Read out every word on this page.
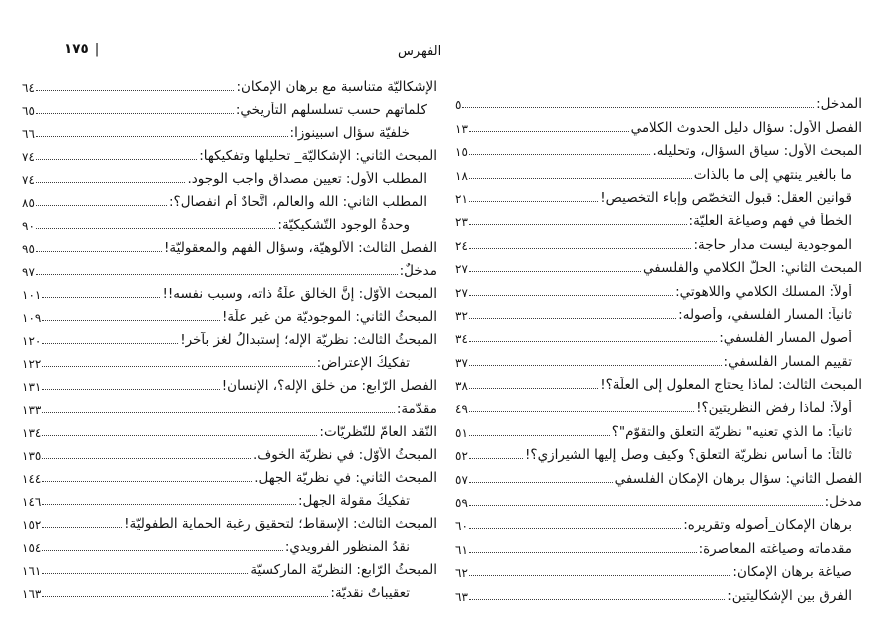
١٧٥ |	الفهرس
المدخل:
٥
الفصل الأول: سؤال دليل الحدوث الكلامي
١٣
المبحث الأول: سياق السؤال، وتحليله.
١٥
ما بالغير ينتهي إلى ما بالذات
١٨
قوانين العقل: قبول التخصّص وإباء التخصيص!
٢١
الخطأ في فهم وصياغة العليّة:
٢٣
الموجودية ليست مدار حاجة:
٢٤
المبحث الثاني: الحلّ الكلامي والفلسفي
٢٧
أولاً: المسلك الكلامي واللاهوتي:
٢٧
ثانياً: المسار الفلسفي، وأصوله:
٣٢
أصول المسار الفلسفي:
٣٤
تقييم المسار الفلسفي:
٣٧
المبحث الثالث: لماذا يحتاج المعلول إلى العلّة؟!
٣٨
أولاً: لماذا رفض النظريتين؟!
٤٩
ثانياً: ما الذي تعنيه" نظريّة التعلق والتقوّم"؟
٥١
ثالثاً: ما أساس نظريّة التعلق؟ وكيف وصل إليها الشيرازي؟!
٥٢
الفصل الثاني: سؤال برهان الإمكان الفلسفي
٥٧
مدخل:
٥٩
برهان الإمكان_أصوله وتقريره:
٦٠
مقدماته وصياغته المعاصرة:
٦١
صياغة برهان الإمكان:
٦٢
الفرق بين الإشكاليتين:
٦٣
الإشكاليّة متناسبة مع برهان الإمكان:
٦٤
كلماتهم حسب تسلسلهم التأريخي:
٦٥
خلفيّة سؤال اسبينوزا:
٦٦
المبحث الثاني: الإشكاليّة_ تحليلها وتفكيكها:
٧٤
المطلب الأول: تعيين مصداق واجب الوجود.
٧٤
المطلب الثاني: الله والعالم، اتَّحادٌ أم انفصال؟:
٨٥
وحدةُ الوجود التّشكيكيّة:
٩٠
الفصل الثالث: الألوهيّة، وسؤال الفهم والمعقوليّة!
٩٥
مدخلٌ:
٩٧
المبحث الأوّل: إنَّ الخالق علّةُ ذاته، وسبب نفسه!!
١٠١
المبحثُ الثاني: الموجوديّة من غير علّة!
١٠٩
المبحثُ الثالث: نظريّة الإله؛ إستبدالُ لغز بآخر!
١٢٠
تفكيكُ الإعتراض:
١٢٢
الفصل الرّابع: من خلق الإله؟، الإنسان!
١٣١
مقدّمة:
١٣٣
النّقد العامّ للنّظريّات:
١٣٤
المبحثُ الأوّل: في نظريّة الخوف.
١٣٥
المبحث الثاني: في نظريّة الجهل.
١٤٤
تفكيكُ مقولة الجهل:
١٤٦
المبحث الثالث: الإسقاط؛ لتحقيق رغبة الحماية الطفوليّة!
١٥٢
نقدُ المنظور الفرويدي:
١٥٤
المبحثُ الرّابع: النظريّة الماركسيّة
١٦١
تعقيباتٌ نقديّة:
١٦٣
